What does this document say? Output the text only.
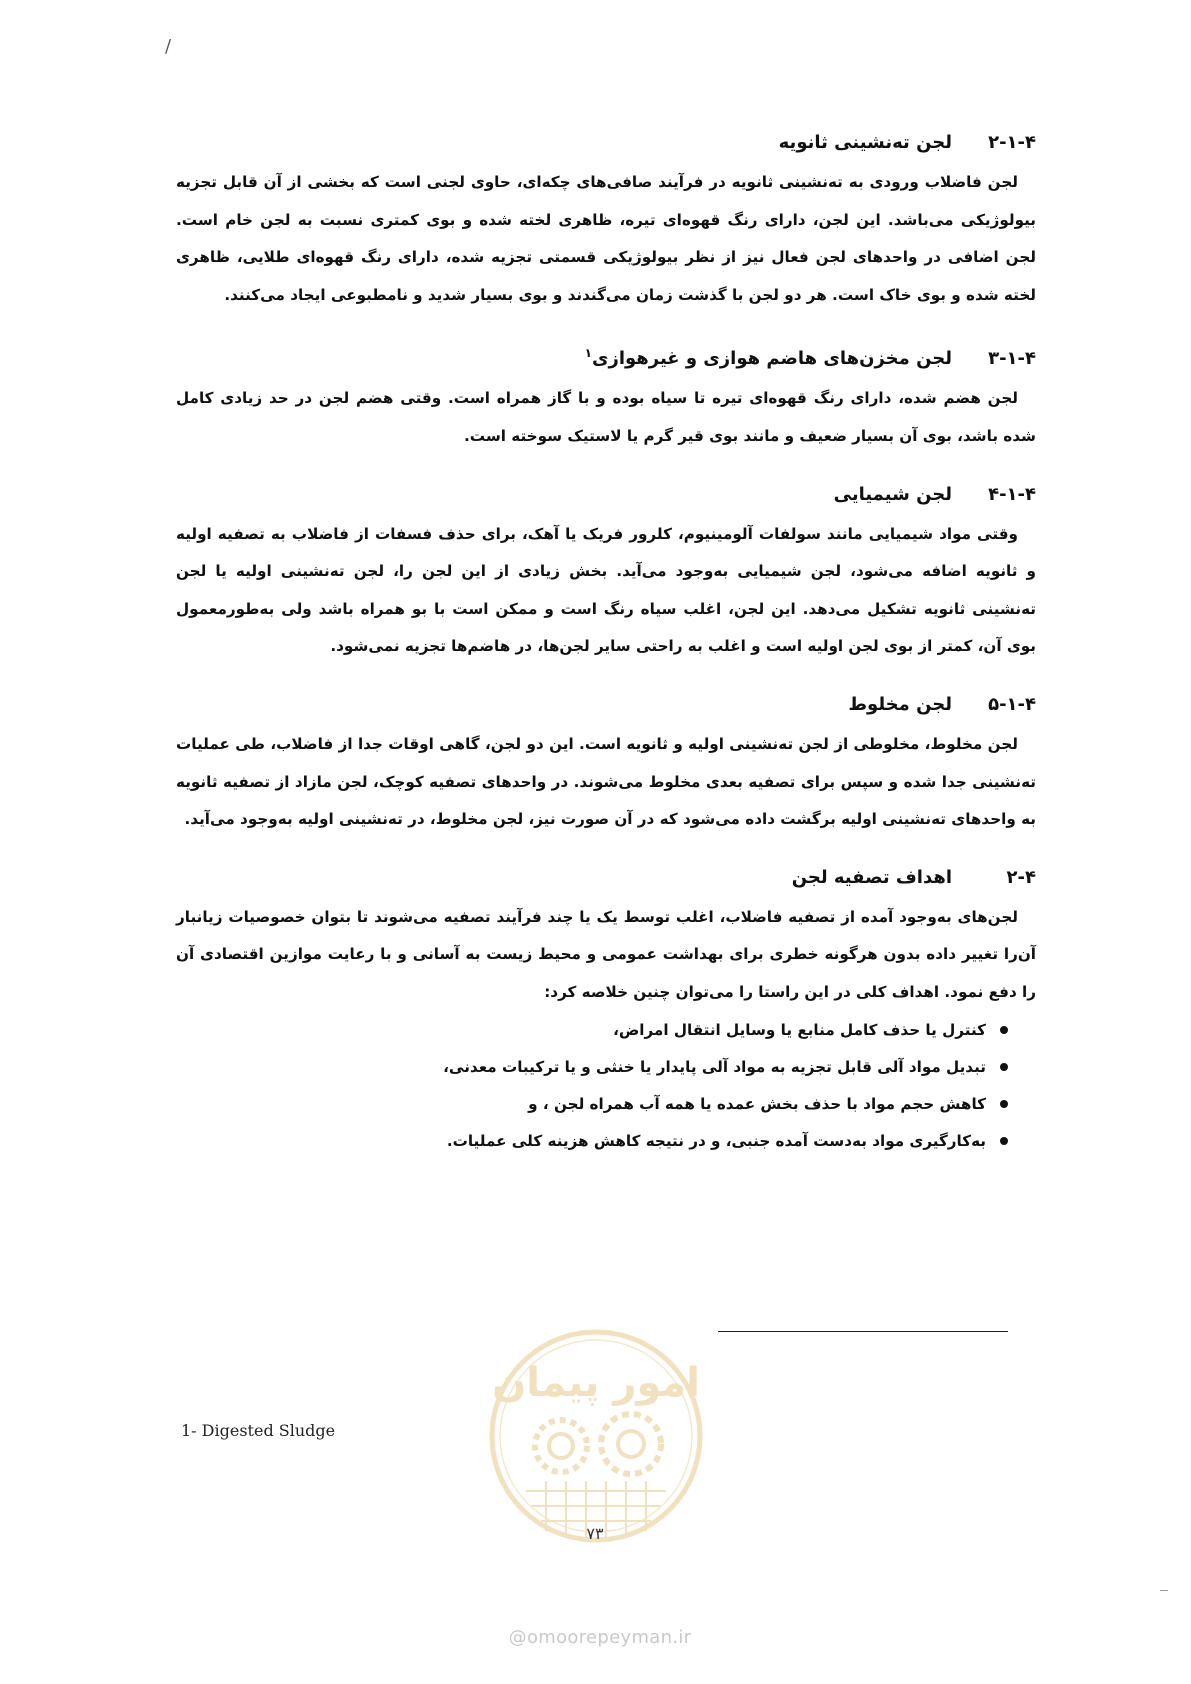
/
۲-۱-۴لجن ته‌نشینی ثانویه

لجن فاضلاب ورودی به ته‌نشینی ثانویه در فرآیند صافی‌های چکه‌ای، حاوی لجنی است که بخشی از آن قابل تجزیه بیولوژیکی می‌باشد. این لجن، دارای رنگ قهوه‌ای تیره، ظاهری لخته شده و بوی کمتری نسبت به لجن خام است. لجن اضافی در واحدهای لجن فعال نیز از نظر بیولوژیکی قسمتی تجزیه شده، دارای رنگ قهوه‌ای طلایی، ظاهری لخته شده و بوی خاک است. هر دو لجن با گذشت زمان می‌گندند و بوی بسیار شدید و نامطبوعی ایجاد می‌کنند.

۳-۱-۴لجن مخزن‌های هاضم هوازی و غیرهوازی$^۱$

لجن هضم شده، دارای رنگ قهوه‌ای تیره تا سیاه بوده و با گاز همراه است. وقتی هضم لجن در حد زیادی کامل شده باشد، بوی آن بسیار ضعیف و مانند بوی قیر گرم یا لاستیک سوخته است.

۴-۱-۴لجن شیمیایی

وقتی مواد شیمیایی مانند سولفات آلومینیوم، کلرور فریک یا آهک، برای حذف فسفات از فاضلاب به تصفیه اولیه و ثانویه اضافه می‌شود، لجن شیمیایی به‌وجود می‌آید. بخش زیادی از این لجن را، لجن ته‌نشینی اولیه یا لجن ته‌نشینی ثانویه تشکیل می‌دهد. این لجن، اغلب سیاه رنگ است و ممکن است با بو همراه باشد ولی به‌طورمعمول بوی آن، کمتر از بوی لجن اولیه است و اغلب به راحتی سایر لجن‌ها، در هاضم‌ها تجزیه نمی‌شود.

۵-۱-۴لجن مخلوط

لجن مخلوط، مخلوطی از لجن ته‌نشینی اولیه و ثانویه است. این دو لجن، گاهی اوقات جدا از فاضلاب، طی عملیات ته‌نشینی جدا شده و سپس برای تصفیه بعدی مخلوط می‌شوند. در واحدهای تصفیه کوچک، لجن مازاد از تصفیه ثانویه به واحدهای ته‌نشینی اولیه برگشت داده می‌شود که در آن صورت نیز، لجن مخلوط، در ته‌نشینی اولیه به‌وجود می‌آید.

۲-۴اهداف تصفیه لجن

لجن‌های به‌وجود آمده از تصفیه فاضلاب، اغلب توسط یک یا چند فرآیند تصفیه می‌شوند تا بتوان خصوصیات زیانبار آن‌را تغییر داده بدون هرگونه خطری برای بهداشت عمومی و محیط زیست به آسانی و با رعایت موازین اقتصادی آن را دفع نمود. اهداف کلی در این راستا را می‌توان چنین خلاصه کرد:

کنترل یا حذف کامل منابع یا وسایل انتقال امراض،
تبدیل مواد آلی قابل تجزیه به مواد آلی پایدار یا خنثی و یا ترکیبات معدنی،
کاهش حجم مواد با حذف بخش عمده یا همه آب همراه لجن ، و
به‌کارگیری مواد به‌دست آمده جنبی، و در نتیجه کاهش هزینه کلی عملیات.
1- Digested Sludge
امور پیمان
۷۳
@omoorepeyman.ir
